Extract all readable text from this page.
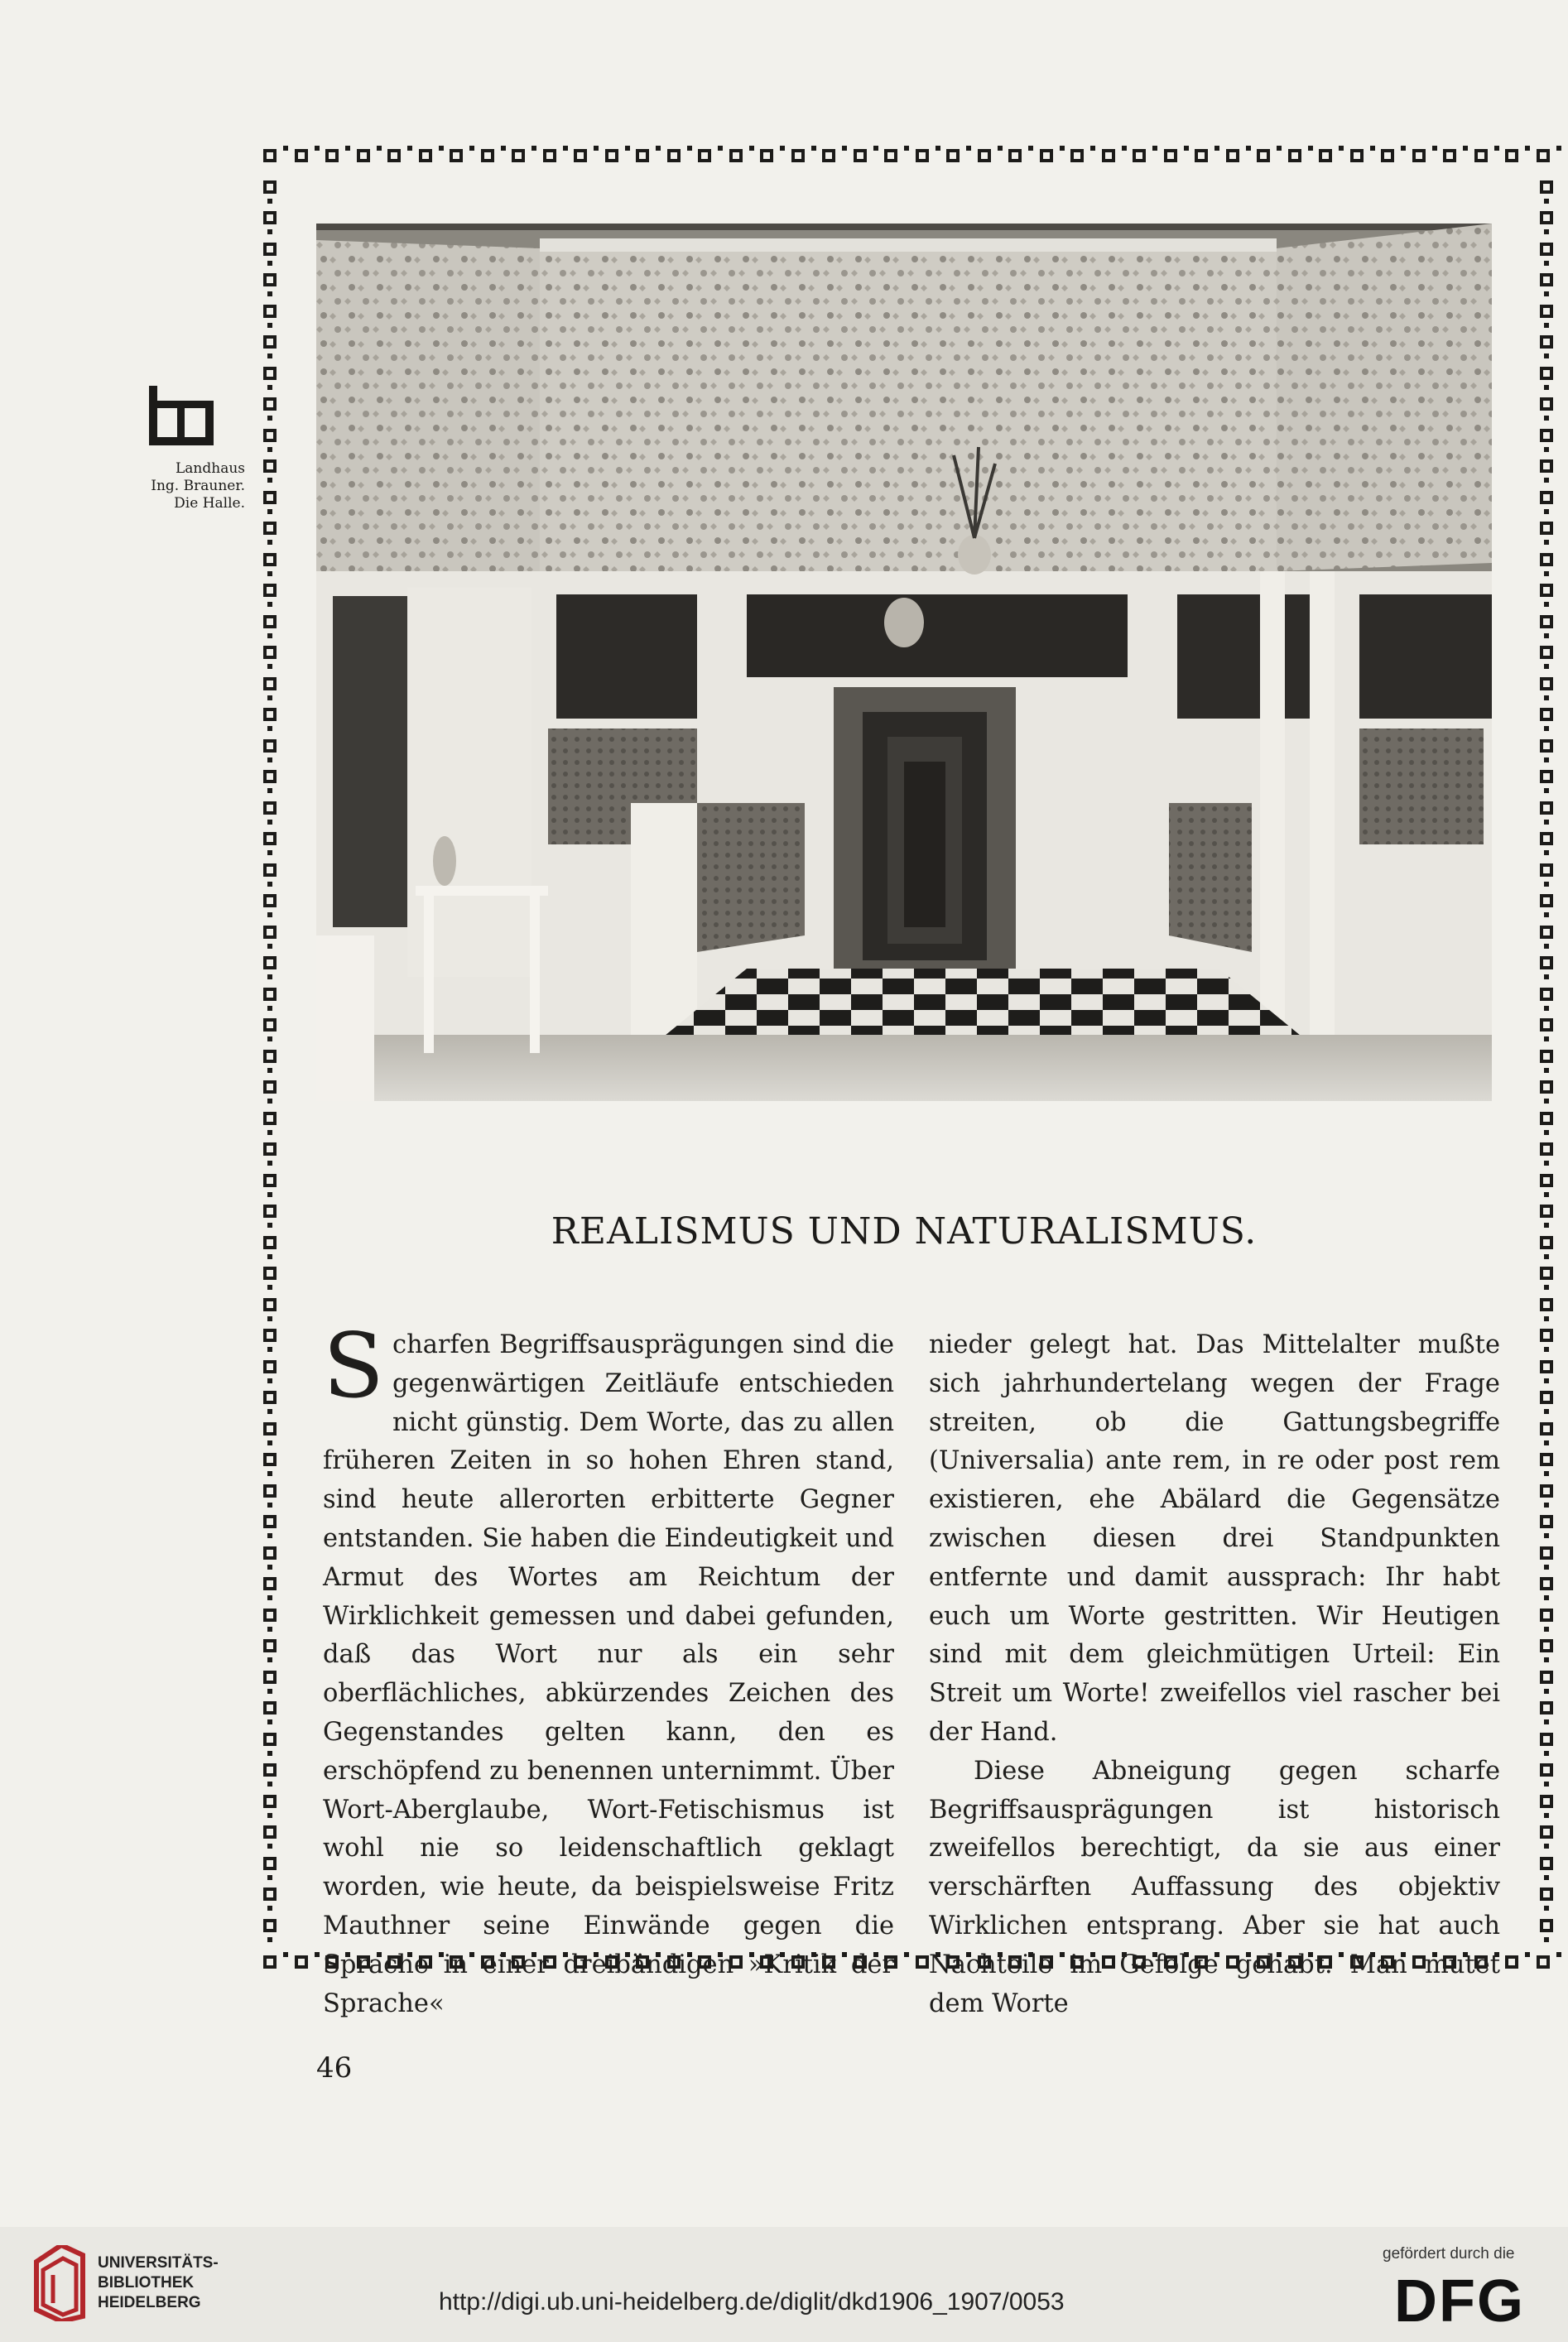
Landhaus
Ing. Brauner.
Die Halle.
REALISMUS UND NATURALISMUS.
Scharfen Begriffsausprägungen sind die gegenwärtigen Zeitläufe entschieden nicht günstig. Dem Worte, das zu allen früheren Zeiten in so hohen Ehren stand, sind heute allerorten erbitterte Gegner entstanden. Sie haben die Eindeutigkeit und Armut des Wortes am Reichtum der Wirklichkeit gemessen und dabei gefunden, daß das Wort nur als ein sehr oberflächliches, abkürzendes Zeichen des Gegenstandes gelten kann, den es erschöpfend zu benennen unternimmt. Über Wort-Aberglaube, Wort-Fetischismus ist wohl nie so leidenschaftlich geklagt worden, wie heute, da beispielsweise Fritz Mauthner seine Einwände gegen die Sprache in einer dreibändigen »Kritik der Sprache«
nieder gelegt hat. Das Mittelalter mußte sich jahrhundertelang wegen der Frage streiten, ob die Gattungsbegriffe (Universalia) ante rem, in re oder post rem existieren, ehe Abälard die Gegensätze zwischen diesen drei Standpunkten entfernte und damit aussprach: Ihr habt euch um Worte gestritten. Wir Heutigen sind mit dem gleichmütigen Urteil: Ein Streit um Worte! zweifellos viel rascher bei der Hand.
Diese Abneigung gegen scharfe Begriffsausprägungen ist historisch zweifellos berechtigt, da sie aus einer verschärften Auffassung des objektiv Wirklichen entsprang. Aber sie hat auch Nachteile im Gefolge gehabt. Man mutet dem Worte
46
UNIVERSITÄTS-
BIBLIOTHEK
HEIDELBERG	http://digi.ub.uni-heidelberg.de/diglit/dkd1906_1907/0053
gefördert durch die
DFG
